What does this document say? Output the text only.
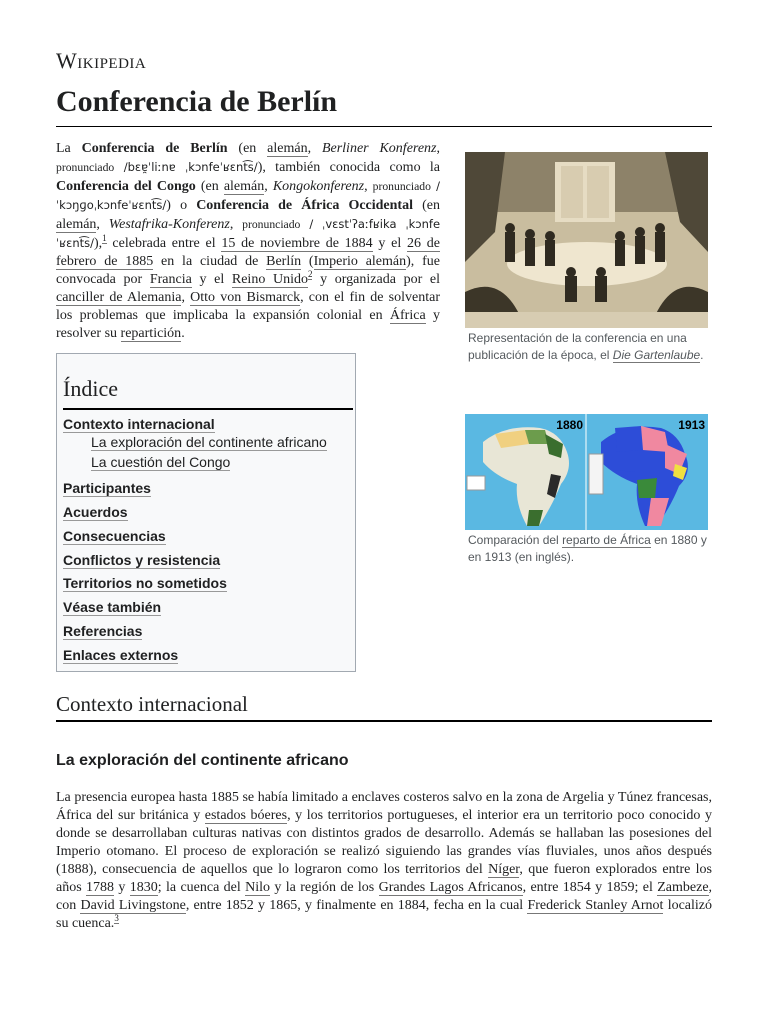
Wikipedia
Conferencia de Berlín

La Conferencia de Berlín (en alemán, Berliner Konferenz, pronunciado /bɛɐ̯ˈliːnɐ ˌkɔnfeˈʁɛnt͡s/), también conocida como la Conferencia del Congo (en alemán, Kongokonferenz, pronunciado /ˈkɔŋɡoˌkɔnfeˈʁɛnt͡s/) o Conferencia de África Occidental (en alemán, Westafrika-Konferenz, pronunciado / ˌvɛstˈʔaːfʁika ˌkɔnfeˈʁɛnt͡s/),$^1$ celebrada entre el 15 de noviembre de 1884 y el 26 de febrero de 1885 en la ciudad de Berlín (Imperio alemán), fue convocada por Francia y el Reino Unido$^2$ y organizada por el canciller de Alemania, Otto von Bismarck, con el fin de solventar los problemas que implicaba la expansión colonial en África y resolver su repartición.	Representación de la conferencia en una publicación de la época, el Die Gartenlaube.

1880	1913

Comparación del reparto de África en 1880 y en 1913 (en inglés).

Índice
Contexto internacional
La exploración del continente africano
La cuestión del Congo
Participantes
Acuerdos
Consecuencias
Conflictos y resistencia
Territorios no sometidos
Véase también
Referencias
Enlaces externos
Contexto internacional
La exploración del continente africano

La presencia europea hasta 1885 se había limitado a enclaves costeros salvo en la zona de Argelia y Túnez francesas, África del sur británica y estados bóeres, y los territorios portugueses, el interior era un territorio poco conocido y donde se desarrollaban culturas nativas con distintos grados de desarrollo. Además se hallaban las posesiones del Imperio otomano. El proceso de exploración se realizó siguiendo las grandes vías fluviales, unos años después (1888), consecuencia de aquellos que lo lograron como los territorios del Níger, que fueron explorados entre los años 1788 y 1830; la cuenca del Nilo y la región de los Grandes Lagos Africanos, entre 1854 y 1859; el Zambeze, con David Livingstone, entre 1852 y 1865, y finalmente en 1884, fecha en la cual Frederick Stanley Arnot localizó su cuenca.$^3$
